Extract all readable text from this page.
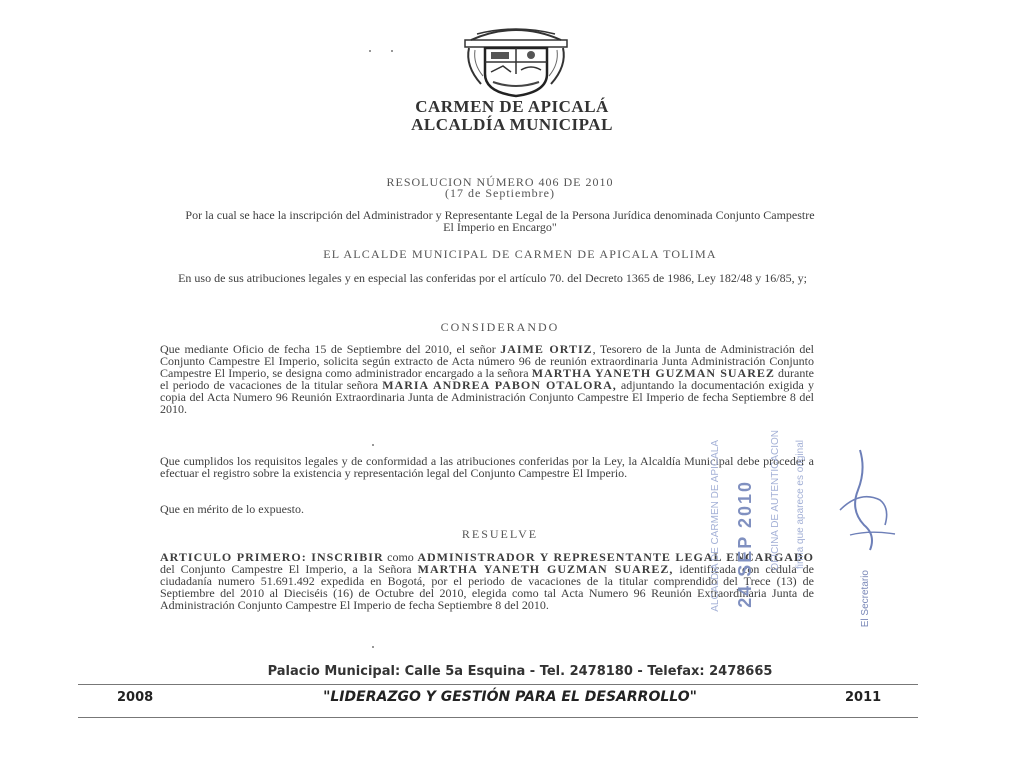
CARMEN DE APICALÁ
ALCALDÍA MUNICIPAL
RESOLUCION NÚMERO 406 DE 2010
(17 de Septiembre)
Por la cual se hace la inscripción del Administrador y Representante Legal de la Persona Jurídica denominada Conjunto Campestre El Imperio en Encargo"
EL ALCALDE MUNICIPAL DE CARMEN DE APICALA TOLIMA
En uso de sus atribuciones legales y en especial las conferidas por el artículo 70. del Decreto 1365 de 1986, Ley 182/48 y 16/85, y;
CONSIDERANDO
Que mediante Oficio de fecha 15 de Septiembre del 2010, el señor JAIME ORTIZ, Tesorero de la Junta de Administración del Conjunto Campestre El Imperio, solicita según extracto de Acta número 96 de reunión extraordinaria Junta Administración Conjunto Campestre El Imperio, se designa como administrador encargado a la señora MARTHA YANETH GUZMAN SUAREZ durante el periodo de vacaciones de la titular señora MARIA ANDREA PABON OTALORA, adjuntando la documentación exigida y copia del Acta Numero 96 Reunión Extraordinaria Junta de Administración Conjunto Campestre El Imperio de fecha Septiembre 8 del 2010.
Que cumplidos los requisitos legales y de conformidad a las atribuciones conferidas por la Ley, la Alcaldía Municipal debe proceder a efectuar el registro sobre la existencia y representación legal del Conjunto Campestre El Imperio.
Que en mérito de lo expuesto.
RESUELVE
ARTICULO PRIMERO: INSCRIBIR como ADMINISTRADOR Y REPRESENTANTE LEGAL ENCARGADO del Conjunto Campestre El Imperio, a la Señora MARTHA YANETH GUZMAN SUAREZ, identificada con cedula de ciudadanía numero 51.691.492 expedida en Bogotá, por el periodo de vacaciones de la titular comprendido del Trece (13) de Septiembre del 2010 al Dieciséis (16) de Octubre del 2010, elegida como tal Acta Numero 96 Reunión Extraordinaria Junta de Administración Conjunto Campestre El Imperio de fecha Septiembre 8 del 2010.	ALCALDIA DE CARMEN DE APICALA 24 SEP 2010 OFICINA DE AUTENTICACION firma que aparece es original
El Secretario
Palacio Municipal: Calle 5a Esquina - Tel. 2478180 - Telefax: 2478665
2008	"LIDERAZGO Y GESTIÓN PARA EL DESARROLLO"	2011
